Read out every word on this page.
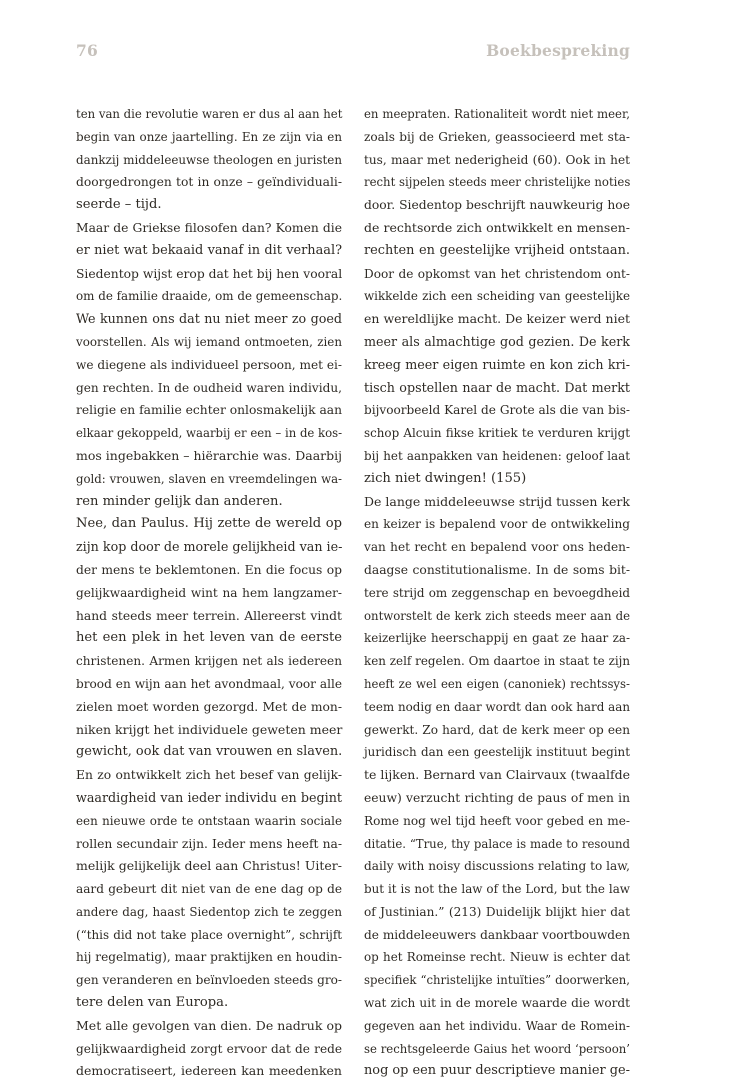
76	Boekbespreking
ten van die revolutie waren er dus al aan het
begin van onze jaartelling. En ze zijn via en
dankzij middeleeuwse theologen en juristen
doorgedrongen tot in onze – geïndividuali-
seerde – tijd.
Maar de Griekse filosofen dan? Komen die
er niet wat bekaaid vanaf in dit verhaal?
Siedentop wijst erop dat het bij hen vooral
om de familie draaide, om de gemeenschap.
We kunnen ons dat nu niet meer zo goed
voorstellen. Als wij iemand ontmoeten, zien
we diegene als individueel persoon, met ei-
gen rechten. In de oudheid waren individu,
religie en familie echter onlosmakelijk aan
elkaar gekoppeld, waarbij er een – in de kos-
mos ingebakken – hiërarchie was. Daarbij
gold: vrouwen, slaven en vreemdelingen wa-
ren minder gelijk dan anderen.
Nee, dan Paulus. Hij zette de wereld op
zijn kop door de morele gelijkheid van ie-
der mens te beklemtonen. En die focus op
gelijkwaardigheid wint na hem langzamer-
hand steeds meer terrein. Allereerst vindt
het een plek in het leven van de eerste
christenen. Armen krijgen net als iedereen
brood en wijn aan het avondmaal, voor alle
zielen moet worden gezorgd. Met de mon-
niken krijgt het individuele geweten meer
gewicht, ook dat van vrouwen en slaven.
En zo ontwikkelt zich het besef van gelijk-
waardigheid van ieder individu en begint
een nieuwe orde te ontstaan waarin sociale
rollen secundair zijn. Ieder mens heeft na-
melijk gelijkelijk deel aan Christus! Uiter-
aard gebeurt dit niet van de ene dag op de
andere dag, haast Siedentop zich te zeggen
(“this did not take place overnight”, schrijft
hij regelmatig), maar praktijken en houdin-
gen veranderen en beïnvloeden steeds gro-
tere delen van Europa.
Met alle gevolgen van dien. De nadruk op
gelijkwaardigheid zorgt ervoor dat de rede
democratiseert, iedereen kan meedenken
en meepraten. Rationaliteit wordt niet meer,
zoals bij de Grieken, geassocieerd met sta-
tus, maar met nederigheid (60). Ook in het
recht sijpelen steeds meer christelijke noties
door. Siedentop beschrijft nauwkeurig hoe
de rechtsorde zich ontwikkelt en mensen-
rechten en geestelijke vrijheid ontstaan.
Door de opkomst van het christendom ont-
wikkelde zich een scheiding van geestelijke
en wereldlijke macht. De keizer werd niet
meer als almachtige god gezien. De kerk
kreeg meer eigen ruimte en kon zich kri-
tisch opstellen naar de macht. Dat merkt
bijvoorbeeld Karel de Grote als die van bis-
schop Alcuin fikse kritiek te verduren krijgt
bij het aanpakken van heidenen: geloof laat
zich niet dwingen! (155)
De lange middeleeuwse strijd tussen kerk
en keizer is bepalend voor de ontwikkeling
van het recht en bepalend voor ons heden-
daagse constitutionalisme. In de soms bit-
tere strijd om zeggenschap en bevoegdheid
ontworstelt de kerk zich steeds meer aan de
keizerlijke heerschappij en gaat ze haar za-
ken zelf regelen. Om daartoe in staat te zijn
heeft ze wel een eigen (canoniek) rechtssys-
teem nodig en daar wordt dan ook hard aan
gewerkt. Zo hard, dat de kerk meer op een
juridisch dan een geestelijk instituut begint
te lijken. Bernard van Clairvaux (twaalfde
eeuw) verzucht richting de paus of men in
Rome nog wel tijd heeft voor gebed en me-
ditatie. “True, thy palace is made to resound
daily with noisy discussions relating to law,
but it is not the law of the Lord, but the law
of Justinian.” (213) Duidelijk blijkt hier dat
de middeleeuwers dankbaar voortbouwden
op het Romeinse recht. Nieuw is echter dat
specifiek “christelijke intuïties” doorwerken,
wat zich uit in de morele waarde die wordt
gegeven aan het individu. Waar de Romein-
se rechtsgeleerde Gaius het woord ‘persoon’
nog op een puur descriptieve manier ge-
